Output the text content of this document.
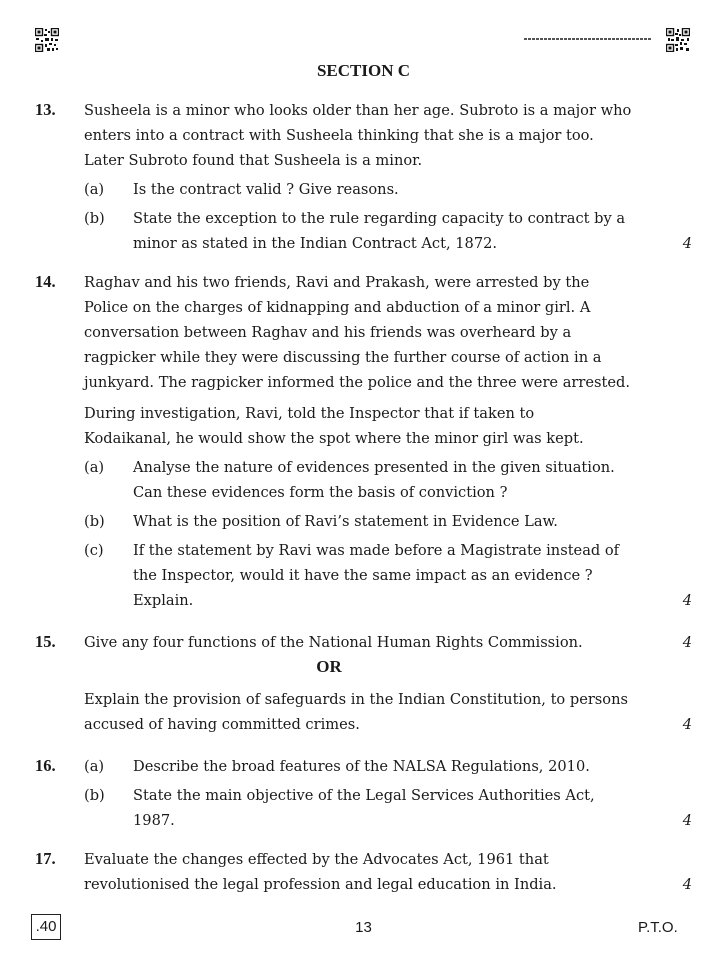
SECTION C
13. Susheela is a minor who looks older than her age. Subroto is a major who
enters into a contract with Susheela thinking that she is a major too.
Later Subroto found that Susheela is a minor.
(a) Is the contract valid ? Give reasons.
(b) State the exception to the rule regarding capacity to contract by a
minor as stated in the Indian Contract Act, 1872.	4
14. Raghav and his two friends, Ravi and Prakash, were arrested by the
Police on the charges of kidnapping and abduction of a minor girl. A
conversation between Raghav and his friends was overheard by a
ragpicker while they were discussing the further course of action in a
junkyard. The ragpicker informed the police and the three were arrested.
During investigation, Ravi, told the Inspector that if taken to
Kodaikanal, he would show the spot where the minor girl was kept.
(a) Analyse the nature of evidences presented in the given situation.
Can these evidences form the basis of conviction ?
(b) What is the position of Ravi’s statement in Evidence Law.
(c) If the statement by Ravi was made before a Magistrate instead of
the Inspector, would it have the same impact as an evidence ?
Explain.	4
15. Give any four functions of the National Human Rights Commission.	4
OR
Explain the provision of safeguards in the Indian Constitution, to persons
accused of having committed crimes.	4
16. (a) Describe the broad features of the NALSA Regulations, 2010.
(b) State the main objective of the Legal Services Authorities Act,
1987.	4
17. Evaluate the changes effected by the Advocates Act, 1961 that
revolutionised the legal profession and legal education in India.	4
.40	13	P.T.O.
